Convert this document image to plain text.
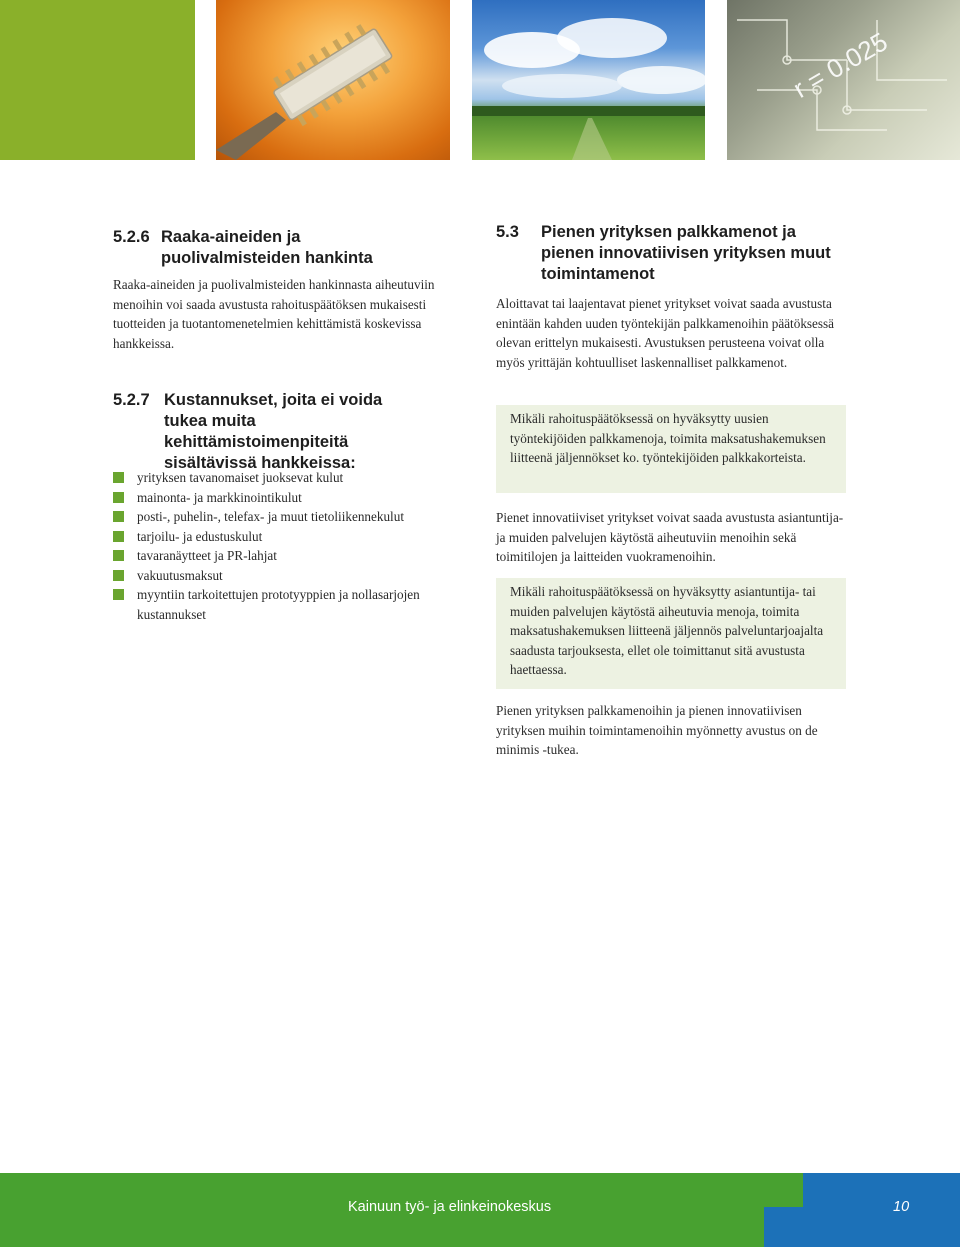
r = 0.025
5.2.6 Raaka-aineiden ja puolivalmisteiden hankinta
Raaka-aineiden ja puolivalmisteiden hankinnasta aiheutuviin menoihin voi saada avustusta rahoituspäätöksen mukaisesti tuotteiden ja tuotantomenetelmien kehittämistä koskevissa hankkeissa.
5.2.7 Kustannukset, joita ei voida tukea muita kehittämistoimenpiteitä sisältävissä hankkeissa:
yrityksen tavanomaiset juoksevat kulut
mainonta- ja markkinointikulut
posti-, puhelin-, telefax- ja muut tietoliikennekulut
tarjoilu- ja edustuskulut
tavaranäytteet ja PR-lahjat
vakuutusmaksut
myyntiin tarkoitettujen prototyyppien ja nollasarjojen kustannukset
5.3	Pienen yrityksen palkkamenot ja pienen innovatiivisen yrityksen muut toimintamenot
Aloittavat tai laajentavat pienet yritykset voivat saada avustusta enintään kahden uuden työntekijän palkkamenoihin päätöksessä olevan erittelyn mukaisesti. Avustuksen perusteena voivat olla myös yrittäjän kohtuulliset laskennalliset palkkamenot.
Mikäli rahoituspäätöksessä on hyväksytty uusien työntekijöiden palkkamenoja, toimita maksatushakemuksen liitteenä jäljennökset ko. työntekijöiden palkkakorteista.
Pienet innovatiiviset yritykset voivat saada avustusta asiantuntija- ja muiden palvelujen käytöstä aiheutuviin menoihin sekä toimitilojen ja laitteiden vuokramenoihin.
Mikäli rahoituspäätöksessä on hyväksytty asiantuntija- tai muiden palvelujen käytöstä aiheutuvia menoja, toimita maksatushakemuksen liitteenä jäljennös palveluntarjoajalta saadusta tarjouksesta, ellet ole toimittanut sitä avustusta haettaessa.
Pienen yrityksen palkkamenoihin ja pienen innovatiivisen yrityksen muihin toimintamenoihin myönnetty avustus on de minimis -tukea.
Kainuun työ- ja elinkeinokeskus	10
